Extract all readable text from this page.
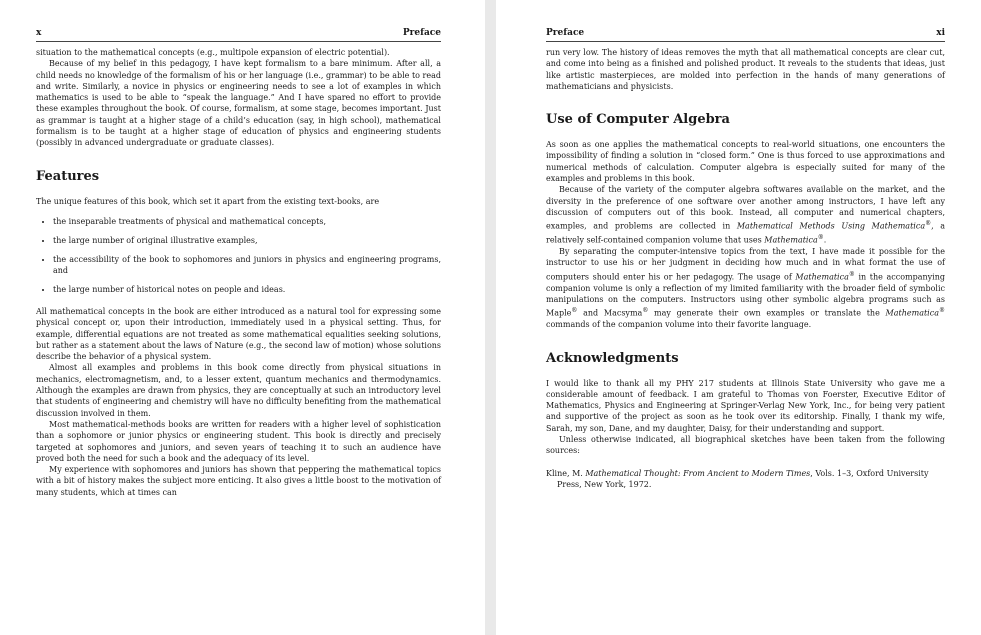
x	Preface

situation to the mathematical concepts (e.g., multipole expansion of electric potential).

Because of my belief in this pedagogy, I have kept formalism to a bare minimum. After all, a child needs no knowledge of the formalism of his or her language (i.e., grammar) to be able to read and write. Similarly, a novice in physics or engineering needs to see a lot of examples in which mathematics is used to be able to “speak the language.” And I have spared no effort to provide these examples throughout the book. Of course, formalism, at some stage, becomes important. Just as grammar is taught at a higher stage of a child’s education (say, in high school), mathematical formalism is to be taught at a higher stage of education of physics and engineering students (possibly in advanced undergraduate or graduate classes).

Features

The unique features of this book, which set it apart from the existing text-books, are

• the inseparable treatments of physical and mathematical concepts,
• the large number of original illustrative examples,
• the accessibility of the book to sophomores and juniors in physics and engineering programs, and
• the large number of historical notes on people and ideas.

All mathematical concepts in the book are either introduced as a natural tool for expressing some physical concept or, upon their introduction, immediately used in a physical setting. Thus, for example, differential equations are not treated as some mathematical equalities seeking solutions, but rather as a statement about the laws of Nature (e.g., the second law of motion) whose solutions describe the behavior of a physical system.

Almost all examples and problems in this book come directly from physical situations in mechanics, electromagnetism, and, to a lesser extent, quantum mechanics and thermodynamics. Although the examples are drawn from physics, they are conceptually at such an introductory level that students of engineering and chemistry will have no difficulty benefiting from the mathematical discussion involved in them.

Most mathematical-methods books are written for readers with a higher level of sophistication than a sophomore or junior physics or engineering student. This book is directly and precisely targeted at sophomores and juniors, and seven years of teaching it to such an audience have proved both the need for such a book and the adequacy of its level.

My experience with sophomores and juniors has shown that peppering the mathematical topics with a bit of history makes the subject more enticing. It also gives a little boost to the motivation of many students, which at times can

Preface	xi

run very low. The history of ideas removes the myth that all mathematical concepts are clear cut, and come into being as a finished and polished product. It reveals to the students that ideas, just like artistic masterpieces, are molded into perfection in the hands of many generations of mathematicians and physicists.

Use of Computer Algebra

As soon as one applies the mathematical concepts to real-world situations, one encounters the impossibility of finding a solution in “closed form.” One is thus forced to use approximations and numerical methods of calculation. Computer algebra is especially suited for many of the examples and problems in this book.

Because of the variety of the computer algebra softwares available on the market, and the diversity in the preference of one software over another among instructors, I have left any discussion of computers out of this book. Instead, all computer and numerical chapters, examples, and problems are collected in Mathematical Methods Using Mathematica®, a relatively self-contained companion volume that uses Mathematica®.

By separating the computer-intensive topics from the text, I have made it possible for the instructor to use his or her judgment in deciding how much and in what format the use of computers should enter his or her pedagogy. The usage of Mathematica® in the accompanying companion volume is only a reflection of my limited familiarity with the broader field of symbolic manipulations on the computers. Instructors using other symbolic algebra programs such as Maple® and Macsyma® may generate their own examples or translate the Mathematica® commands of the companion volume into their favorite language.

Acknowledgments

I would like to thank all my PHY 217 students at Illinois State University who gave me a considerable amount of feedback. I am grateful to Thomas von Foerster, Executive Editor of Mathematics, Physics and Engineering at Springer-Verlag New York, Inc., for being very patient and supportive of the project as soon as he took over its editorship. Finally, I thank my wife, Sarah, my son, Dane, and my daughter, Daisy, for their understanding and support.

Unless otherwise indicated, all biographical sketches have been taken from the following sources:

Kline, M. Mathematical Thought: From Ancient to Modern Times, Vols. 1–3, Oxford University Press, New York, 1972.
